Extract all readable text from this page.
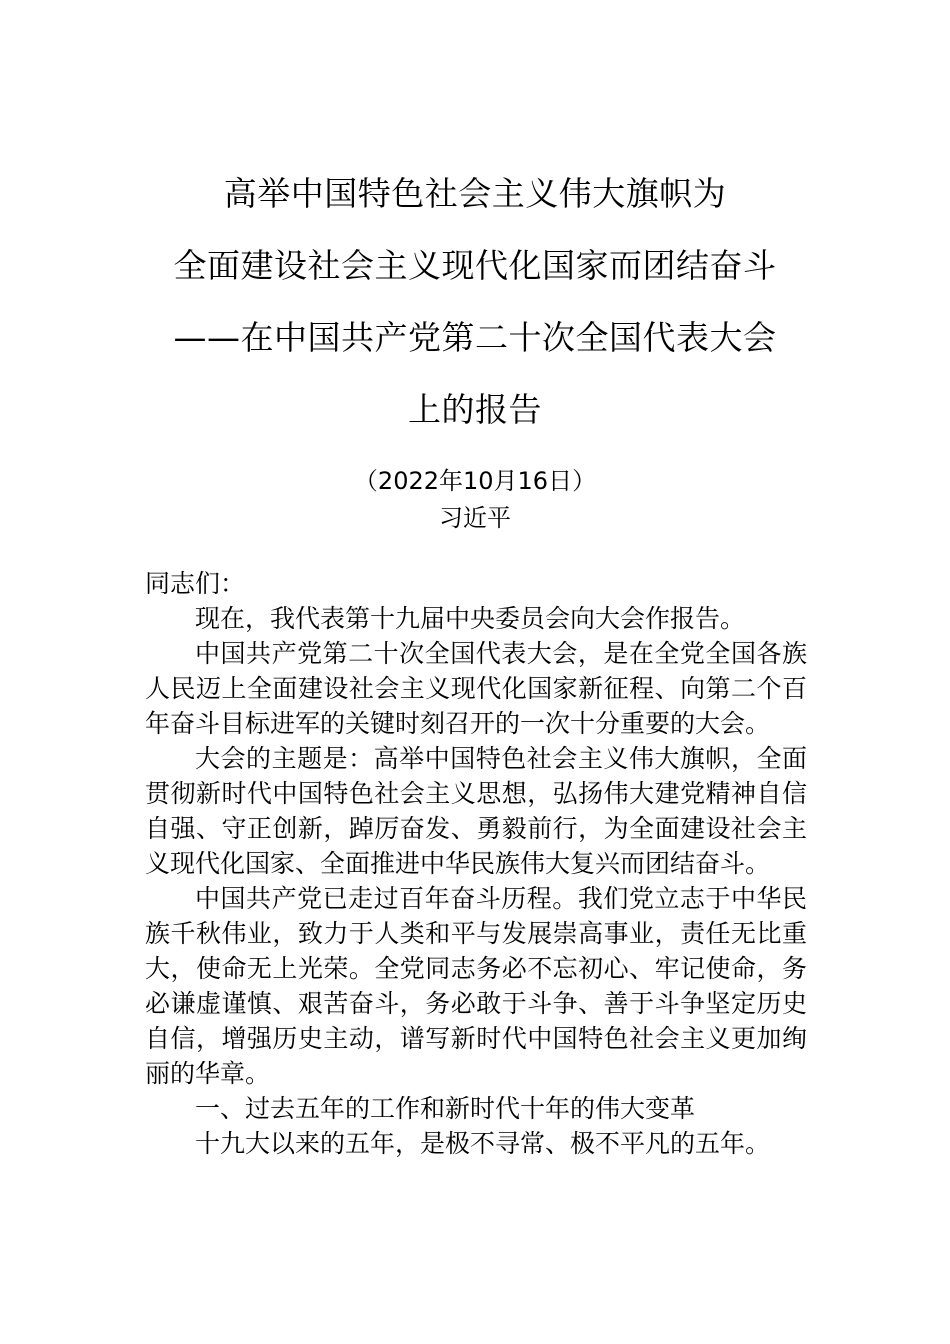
高举中国特色社会主义伟大旗帜为
全面建设社会主义现代化国家而团结奋斗
——在中国共产党第二十次全国代表大会
上的报告
（2022年10月16日）
习近平

同志们：

现在，我代表第十九届中央委员会向大会作报告。

中国共产党第二十次全国代表大会，是在全党全国各族人民迈上全面建设社会主义现代化国家新征程、向第二个百年奋斗目标进军的关键时刻召开的一次十分重要的大会。

大会的主题是：高举中国特色社会主义伟大旗帜，全面贯彻新时代中国特色社会主义思想，弘扬伟大建党精神自信自强、守正创新，踔厉奋发、勇毅前行，为全面建设社会主义现代化国家、全面推进中华民族伟大复兴而团结奋斗。

中国共产党已走过百年奋斗历程。我们党立志于中华民族千秋伟业，致力于人类和平与发展崇高事业，责任无比重大，使命无上光荣。全党同志务必不忘初心、牢记使命，务必谦虚谨慎、艰苦奋斗，务必敢于斗争、善于斗争坚定历史自信，增强历史主动，谱写新时代中国特色社会主义更加绚丽的华章。

一、过去五年的工作和新时代十年的伟大变革

十九大以来的五年，是极不寻常、极不平凡的五年。
